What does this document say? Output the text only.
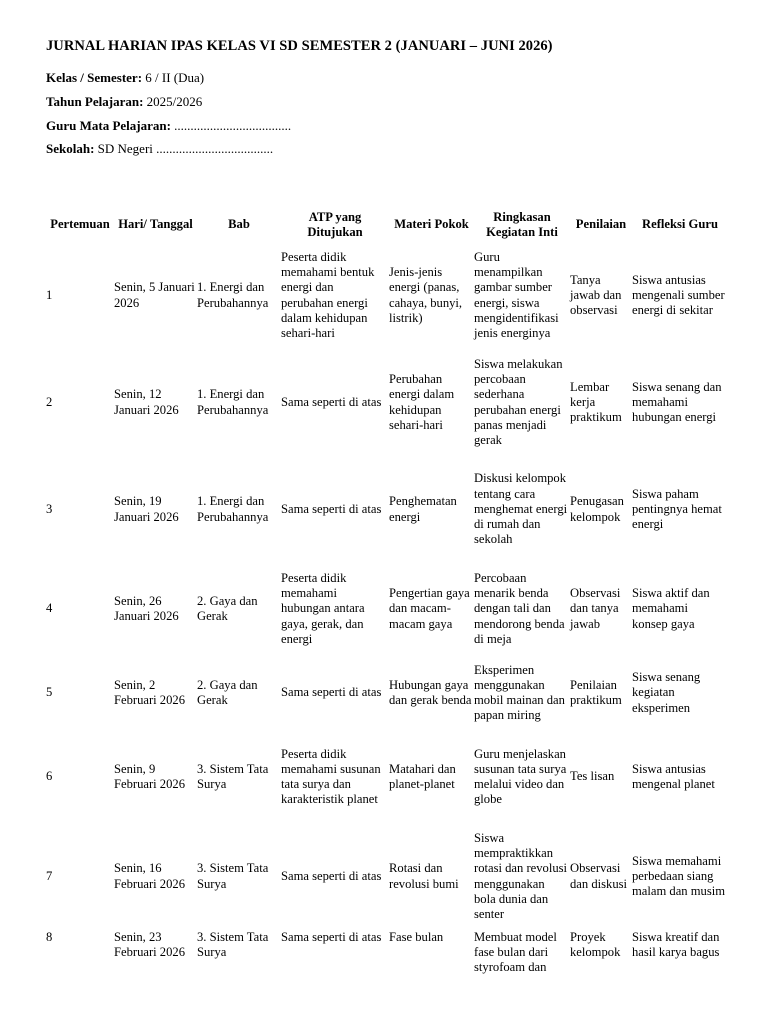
JURNAL HARIAN IPAS KELAS VI SD SEMESTER 2 (JANUARI – JUNI 2026)
Kelas / Semester: 6 / II (Dua)
Tahun Pelajaran: 2025/2026
Guru Mata Pelajaran: ....................................
Sekolah: SD Negeri ....................................
Pertemuan	Hari/ Tanggal	Bab	ATP yang Ditujukan	Materi Pokok	Ringkasan Kegiatan Inti	Penilaian	Refleksi Guru
1	Senin, 5 Januari 2026	1. Energi dan Perubahannya	Peserta didik memahami bentuk energi dan perubahan energi dalam kehidupan sehari-hari	Jenis-jenis energi (panas, cahaya, bunyi, listrik)	Guru menampilkan gambar sumber energi, siswa mengidentifikasi jenis energinya	Tanya jawab dan observasi	Siswa antusias mengenali sumber energi di sekitar
2	Senin, 12 Januari 2026	1. Energi dan Perubahannya	Sama seperti di atas	Perubahan energi dalam kehidupan sehari-hari	Siswa melakukan percobaan sederhana perubahan energi panas menjadi gerak	Lembar kerja praktikum	Siswa senang dan memahami hubungan energi
3	Senin, 19 Januari 2026	1. Energi dan Perubahannya	Sama seperti di atas	Penghematan energi	Diskusi kelompok tentang cara menghemat energi di rumah dan sekolah	Penugasan kelompok	Siswa paham pentingnya hemat energi
4	Senin, 26 Januari 2026	2. Gaya dan Gerak	Peserta didik memahami hubungan antara gaya, gerak, dan energi	Pengertian gaya dan macam-macam gaya	Percobaan menarik benda dengan tali dan mendorong benda di meja	Observasi dan tanya jawab	Siswa aktif dan memahami konsep gaya
5	Senin, 2 Februari 2026	2. Gaya dan Gerak	Sama seperti di atas	Hubungan gaya dan gerak benda	Eksperimen menggunakan mobil mainan dan papan miring	Penilaian praktikum	Siswa senang kegiatan eksperimen
6	Senin, 9 Februari 2026	3. Sistem Tata Surya	Peserta didik memahami susunan tata surya dan karakteristik planet	Matahari dan planet-planet	Guru menjelaskan susunan tata surya melalui video dan globe	Tes lisan	Siswa antusias mengenal planet
7	Senin, 16 Februari 2026	3. Sistem Tata Surya	Sama seperti di atas	Rotasi dan revolusi bumi	Siswa mempraktikkan rotasi dan revolusi menggunakan bola dunia dan senter	Observasi dan diskusi	Siswa memahami perbedaan siang malam dan musim
8	Senin, 23 Februari 2026	3. Sistem Tata Surya	Sama seperti di atas	Fase bulan	Membuat model fase bulan dari styrofoam dan	Proyek kelompok	Siswa kreatif dan hasil karya bagus
